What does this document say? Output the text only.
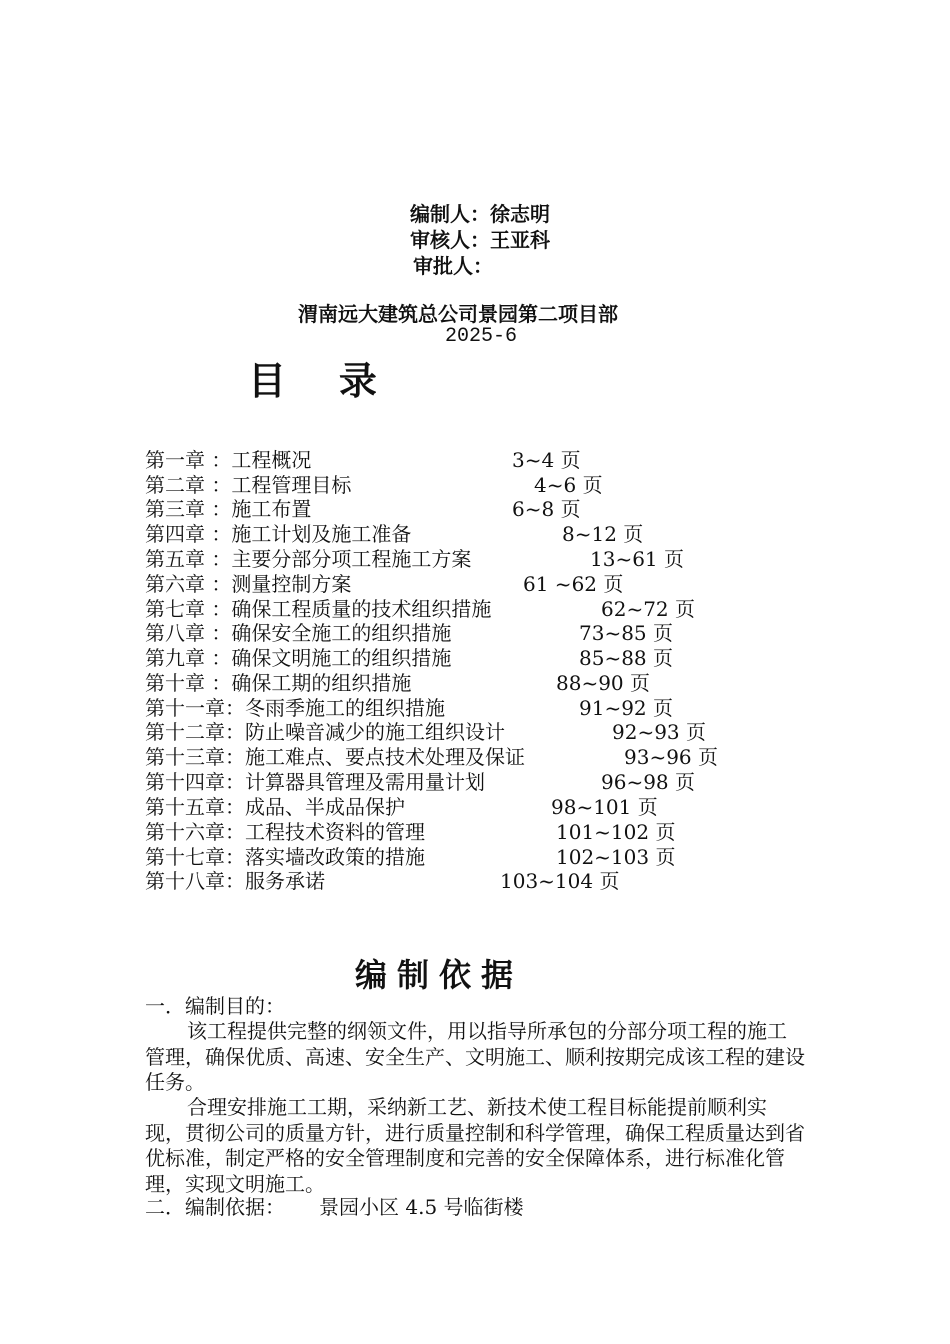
编制人：徐志明
审核人：王亚科
审批人：
渭南远大建筑总公司景园第二项目部
2025-6
目    录
第一章 ：工程概况	3~4 页
第二章 ：工程管理目标	4~6 页
第三章 ：施工布置	6~8 页
第四章 ：施工计划及施工准备	8~12 页
第五章 ：主要分部分项工程施工方案	13~61 页
第六章 ：测量控制方案	61 ~62 页
第七章 ：确保工程质量的技术组织措施	62~72 页
第八章 ：确保安全施工的组织措施	73~85 页
第九章 ：确保文明施工的组织措施	85~88 页
第十章 ：确保工期的组织措施	88~90 页
第十一章：冬雨季施工的组织措施	91~92 页
第十二章：防止噪音减少的施工组织设计	92~93 页
第十三章：施工难点、要点技术处理及保证	93~96 页
第十四章：计算器具管理及需用量计划	96~98 页
第十五章：成品、半成品保护	98~101 页
第十六章：工程技术资料的管理	101~102 页
第十七章：落实墙改政策的措施	102~103 页
第十八章：服务承诺	103~104 页
编制依据
一．编制目的：
该工程提供完整的纲领文件，用以指导所承包的分部分项工程的施工管理，确保优质、高速、安全生产、文明施工、顺利按期完成该工程的建设任务。
合理安排施工工期，采纳新工艺、新技术使工程目标能提前顺利实现，贯彻公司的质量方针，进行质量控制和科学管理，确保工程质量达到省优标准，制定严格的安全管理制度和完善的安全保障体系，进行标准化管理，实现文明施工。
二．编制依据： 景园小区 4.5 号临街楼
